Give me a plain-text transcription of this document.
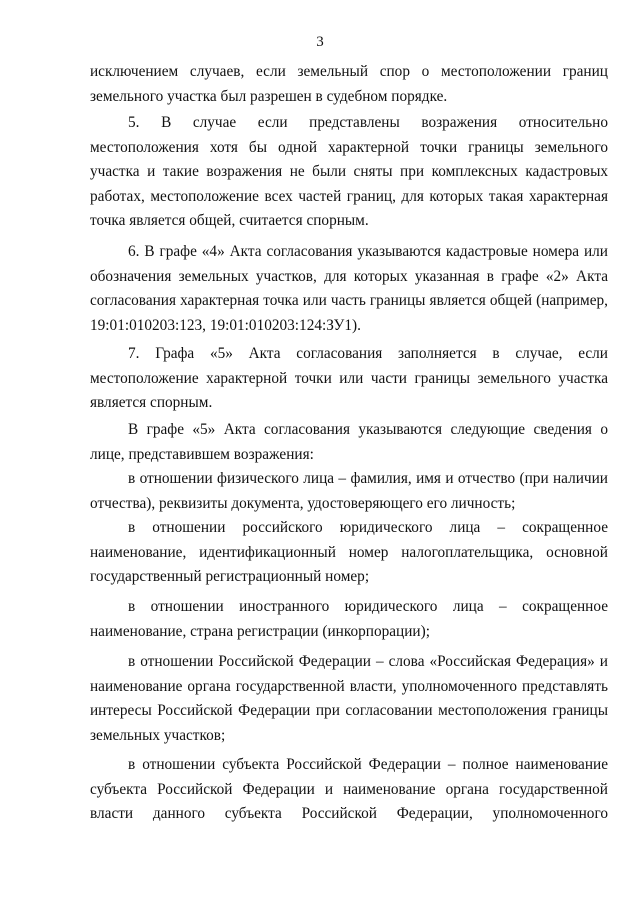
3

исключением случаев, если земельный спор о местоположении границ земельного участка был разрешен в судебном порядке.

5. В случае если представлены возражения относительно местоположения хотя бы одной характерной точки границы земельного участка и такие возражения не были сняты при комплексных кадастровых работах, местоположение всех частей границ, для которых такая характерная точка является общей, считается спорным.

6. В графе «4» Акта согласования указываются кадастровые номера или обозначения земельных участков, для которых указанная в графе «2» Акта согласования характерная точка или часть границы является общей (например, 19:01:010203:123, 19:01:010203:124:ЗУ1).

7. Графа «5» Акта согласования заполняется в случае, если местоположение характерной точки или части границы земельного участка является спорным.

В графе «5» Акта согласования указываются следующие сведения о лице, представившем возражения:

в отношении физического лица – фамилия, имя и отчество (при наличии отчества), реквизиты документа, удостоверяющего его личность;

в отношении российского юридического лица – сокращенное наименование, идентификационный номер налогоплательщика, основной государственный регистрационный номер;

в отношении иностранного юридического лица – сокращенное наименование, страна регистрации (инкорпорации);

в отношении Российской Федерации – слова «Российская Федерация» и наименование органа государственной власти, уполномоченного представлять интересы Российской Федерации при согласовании местоположения границы земельных участков;

в отношении субъекта Российской Федерации – полное наименование субъекта Российской Федерации и наименование органа государственной власти данного субъекта Российской Федерации, уполномоченного
